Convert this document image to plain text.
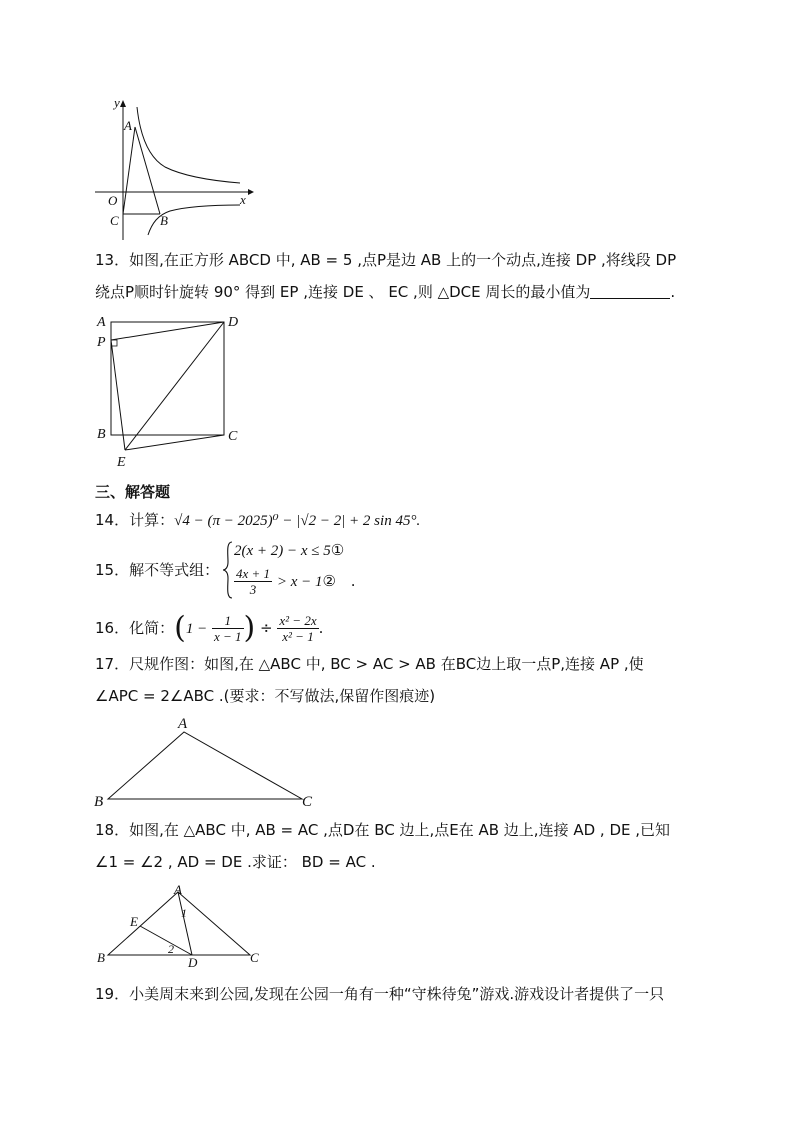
y
A
O
C	B
x
13．如图,在正方形 ABCD 中, AB = 5 ,点P是边 AB 上的一个动点,连接 DP ,将线段 DP
绕点P顺时针旋转 90° 得到 EP ,连接 DE 、 EC ,则 △DCE 周长的最小值为	.
A	D
P
B	C
E
三、解答题
14．计算：√4 − (π − 2025)⁰ − |√2 − 2| + 2 sin 45°.
15．解不等式组：
2(x + 2) − x ≤ 5①
$\frac{4x + 1}{3} > x$ − 1② .
16．化简：($1 - \frac{1}{x - 1}$ ) ÷ $\frac{\text{x² − 2x}}{\text{x² − 1}}$ .
17．尺规作图：如图,在 △ABC 中, BC > AC > AB 在BC边上取一点P,连接 AP ,使
∠APC = 2∠ABC .(要求：不写做法,保留作图痕迹)
A
B	C
18．如图,在 △ABC 中, AB = AC ,点D在 BC 边上,点E在 AB 边上,连接 AD , DE ,已知
∠1 = ∠2 , AD = DE .求证： BD = AC .
A
E
1
2
B	D	C
19．小美周末来到公园,发现在公园一角有一种“守株待兔”游戏.游戏设计者提供了一只
